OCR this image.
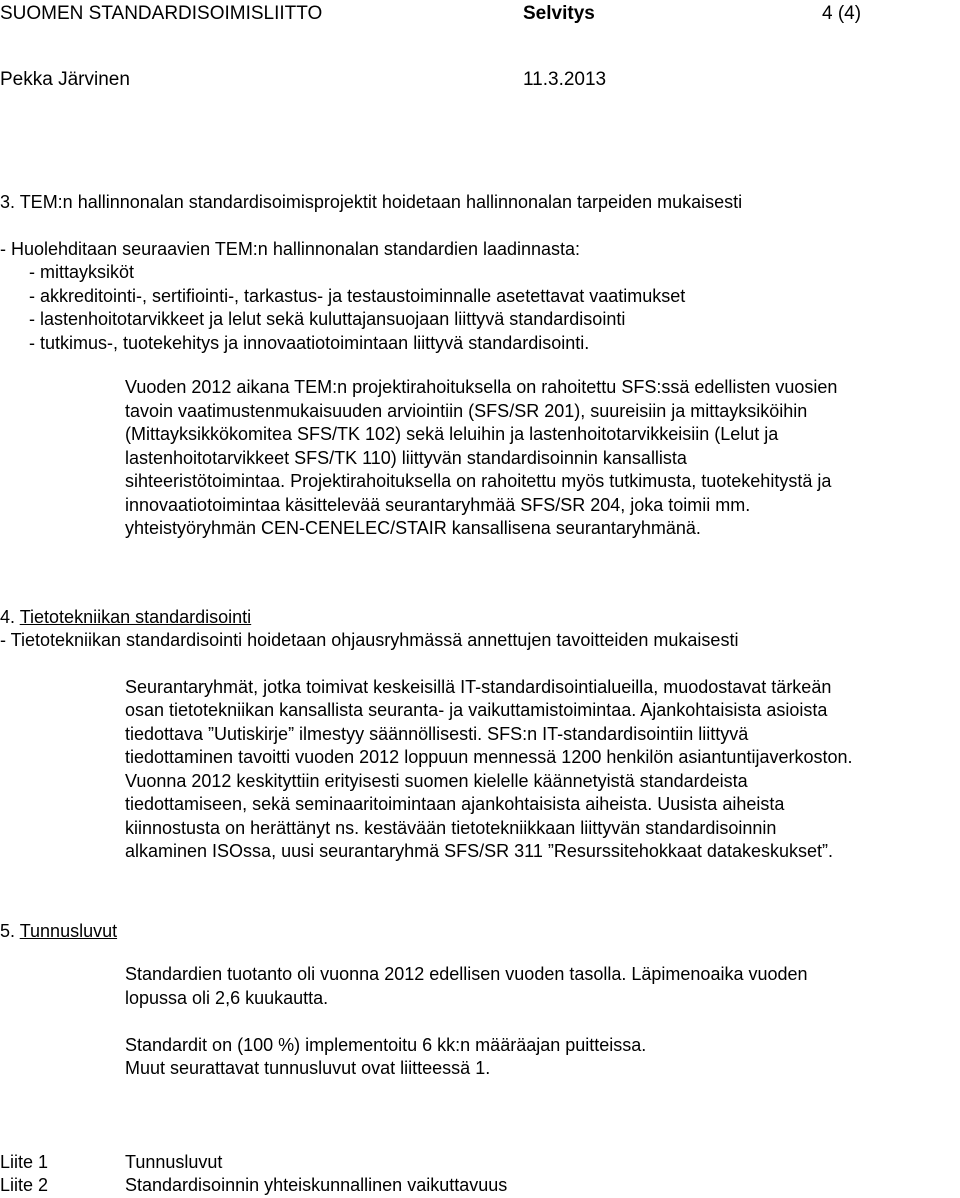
SUOMEN STANDARDISOIMISLIITTO	Selvitys	4 (4)
Pekka Järvinen	11.3.2013
3. TEM:n hallinnonalan standardisoimisprojektit hoidetaan hallinnonalan tarpeiden mukaisesti
- Huolehditaan seuraavien TEM:n hallinnonalan standardien laadinnasta:
- mittayksiköt
- akkreditointi-, sertifiointi-, tarkastus- ja testaustoiminnalle asetettavat vaatimukset
- lastenhoitotarvikkeet ja lelut sekä kuluttajansuojaan liittyvä standardisointi
- tutkimus-, tuotekehitys ja innovaatiotoimintaan liittyvä standardisointi.
Vuoden 2012 aikana TEM:n projektirahoituksella on rahoitettu SFS:ssä edellisten vuosien
tavoin vaatimustenmukaisuuden arviointiin (SFS/SR 201), suureisiin ja mittayksiköihin
(Mittayksikkökomitea SFS/TK 102) sekä leluihin ja lastenhoitotarvikkeisiin (Lelut ja
lastenhoitotarvikkeet SFS/TK 110) liittyvän standardisoinnin kansallista
sihteeristötoimintaa. Projektirahoituksella on rahoitettu myös tutkimusta, tuotekehitystä ja
innovaatiotoimintaa käsittelevää seurantaryhmää SFS/SR 204, joka toimii mm.
yhteistyöryhmän CEN-CENELEC/STAIR kansallisena seurantaryhmänä.
4. Tietotekniikan standardisointi
- Tietotekniikan standardisointi hoidetaan ohjausryhmässä annettujen tavoitteiden mukaisesti
Seurantaryhmät, jotka toimivat keskeisillä IT-standardisointialueilla, muodostavat tärkeän
osan tietotekniikan kansallista seuranta- ja vaikuttamistoimintaa. Ajankohtaisista asioista
tiedottava ”Uutiskirje” ilmestyy säännöllisesti. SFS:n IT-standardisointiin liittyvä
tiedottaminen tavoitti vuoden 2012 loppuun mennessä 1200 henkilön asiantuntijaverkoston.
Vuonna 2012 keskityttiin erityisesti suomen kielelle käännetyistä standardeista
tiedottamiseen, sekä seminaaritoimintaan ajankohtaisista aiheista. Uusista aiheista
kiinnostusta on herättänyt ns. kestävään tietotekniikkaan liittyvän standardisoinnin
alkaminen ISOssa, uusi seurantaryhmä SFS/SR 311 ”Resurssitehokkaat datakeskukset”.
5. Tunnusluvut
Standardien tuotanto oli vuonna 2012 edellisen vuoden tasolla. Läpimenoaika vuoden
lopussa oli 2,6 kuukautta.
Standardit on (100 %) implementoitu 6 kk:n määräajan puitteissa.
Muut seurattavat tunnusluvut ovat liitteessä 1.
Liite 1	Tunnusluvut
Liite 2	Standardisoinnin yhteiskunnallinen vaikuttavuus
